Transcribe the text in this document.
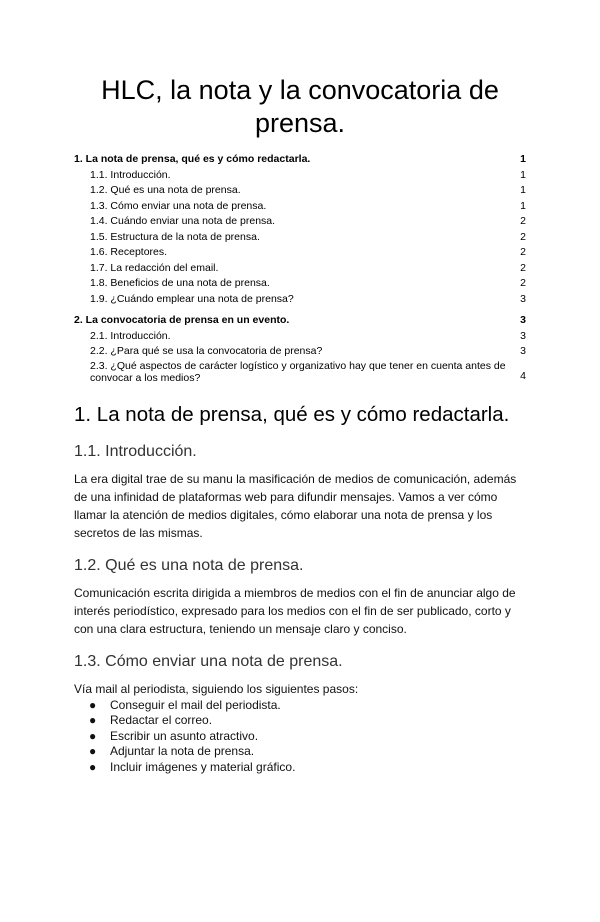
HLC, la nota y la convocatoria de prensa.
1. La nota de prensa, qué es y cómo redactarla.	1
1.1. Introducción.	1
1.2. Qué es una nota de prensa.	1
1.3. Cómo enviar una nota de prensa.	1
1.4. Cuándo enviar una nota de prensa.	2
1.5. Estructura de la nota de prensa.	2
1.6. Receptores.	2
1.7. La redacción del email.	2
1.8. Beneficios de una nota de prensa.	2
1.9. ¿Cuándo emplear una nota de prensa?	3
2. La convocatoria de prensa en un evento.	3
2.1. Introducción.	3
2.2. ¿Para qué se usa la convocatoria de prensa?	3
2.3. ¿Qué aspectos de carácter logístico y organizativo hay que tener en cuenta antes de convocar a los medios?	4
1. La nota de prensa, qué es y cómo redactarla.
1.1. Introducción.

La era digital trae de su manu la masificación de medios de comunicación, además de una infinidad de plataformas web para difundir mensajes. Vamos a ver cómo llamar la atención de medios digitales, cómo elaborar una nota de prensa y los secretos de las mismas.

1.2. Qué es una nota de prensa.

Comunicación escrita dirigida a miembros de medios con el fin de anunciar algo de interés periodístico, expresado para los medios con el fin de ser publicado, corto y con una clara estructura, teniendo un mensaje claro y conciso.

1.3. Cómo enviar una nota de prensa.

Vía mail al periodista, siguiendo los siguientes pasos:

● Conseguir el mail del periodista.
● Redactar el correo.
● Escribir un asunto atractivo.
● Adjuntar la nota de prensa.
● Incluir imágenes y material gráfico.
